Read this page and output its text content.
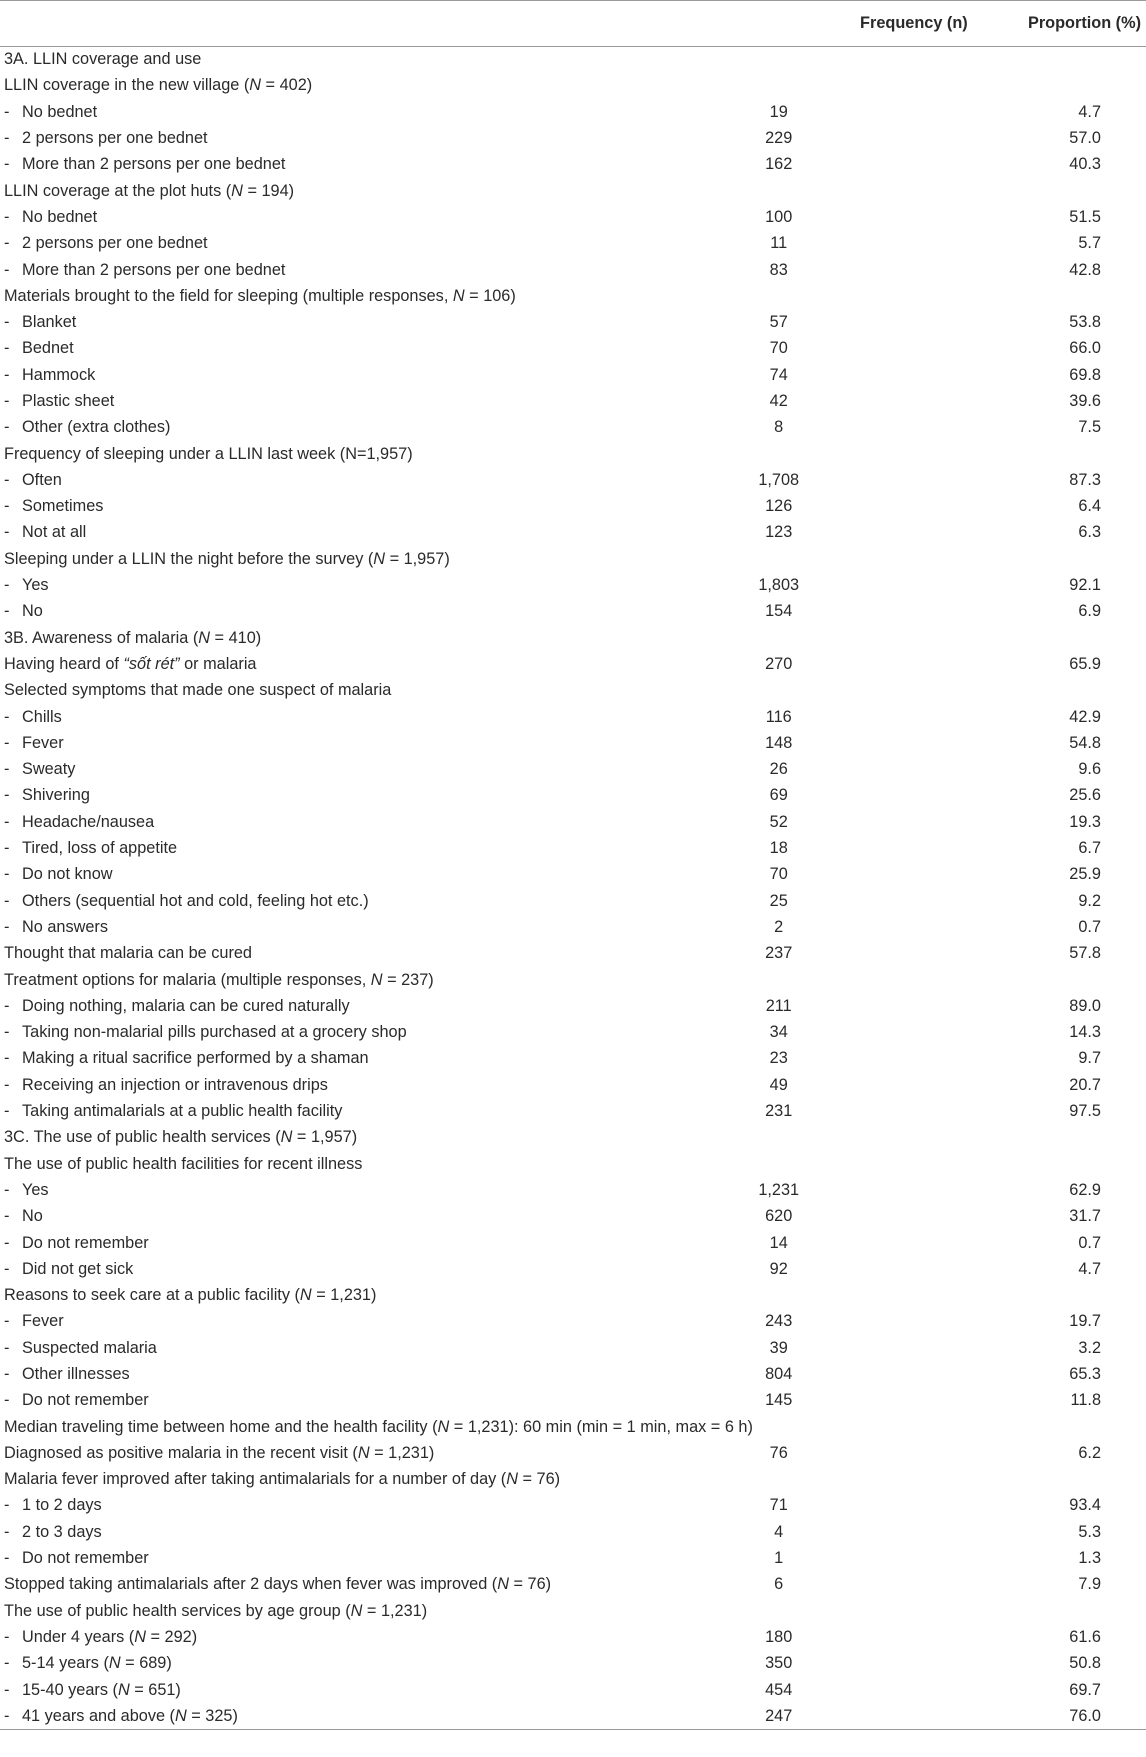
	Frequency (n)	Proportion (%)
3A. LLIN coverage and use		
LLIN coverage in the new village (N = 402)		
- No bednet	19	4.7
- 2 persons per one bednet	229	57.0
- More than 2 persons per one bednet	162	40.3
LLIN coverage at the plot huts (N = 194)		
- No bednet	100	51.5
- 2 persons per one bednet	11	5.7
- More than 2 persons per one bednet	83	42.8
Materials brought to the field for sleeping (multiple responses, N = 106)		
- Blanket	57	53.8
- Bednet	70	66.0
- Hammock	74	69.8
- Plastic sheet	42	39.6
- Other (extra clothes)	8	7.5
Frequency of sleeping under a LLIN last week (N=1,957)		
- Often	1,708	87.3
- Sometimes	126	6.4
- Not at all	123	6.3
Sleeping under a LLIN the night before the survey (N = 1,957)		
- Yes	1,803	92.1
- No	154	6.9
3B. Awareness of malaria (N = 410)		
Having heard of “sốt rét” or malaria	270	65.9
Selected symptoms that made one suspect of malaria		
- Chills	116	42.9
- Fever	148	54.8
- Sweaty	26	9.6
- Shivering	69	25.6
- Headache/nausea	52	19.3
- Tired, loss of appetite	18	6.7
- Do not know	70	25.9
- Others (sequential hot and cold, feeling hot etc.)	25	9.2
- No answers	2	0.7
Thought that malaria can be cured	237	57.8
Treatment options for malaria (multiple responses, N = 237)		
- Doing nothing, malaria can be cured naturally	211	89.0
- Taking non-malarial pills purchased at a grocery shop	34	14.3
- Making a ritual sacrifice performed by a shaman	23	9.7
- Receiving an injection or intravenous drips	49	20.7
- Taking antimalarials at a public health facility	231	97.5
3C. The use of public health services (N = 1,957)		
The use of public health facilities for recent illness		
- Yes	1,231	62.9
- No	620	31.7
- Do not remember	14	0.7
- Did not get sick	92	4.7
Reasons to seek care at a public facility (N = 1,231)		
- Fever	243	19.7
- Suspected malaria	39	3.2
- Other illnesses	804	65.3
- Do not remember	145	11.8
Median traveling time between home and the health facility (N = 1,231): 60 min (min = 1 min, max = 6 h)		
Diagnosed as positive malaria in the recent visit (N = 1,231)	76	6.2
Malaria fever improved after taking antimalarials for a number of day (N = 76)		
- 1 to 2 days	71	93.4
- 2 to 3 days	4	5.3
- Do not remember	1	1.3
Stopped taking antimalarials after 2 days when fever was improved (N = 76)	6	7.9
The use of public health services by age group (N = 1,231)		
- Under 4 years (N = 292)	180	61.6
- 5-14 years (N = 689)	350	50.8
- 15-40 years (N = 651)	454	69.7
- 41 years and above (N = 325)	247	76.0
